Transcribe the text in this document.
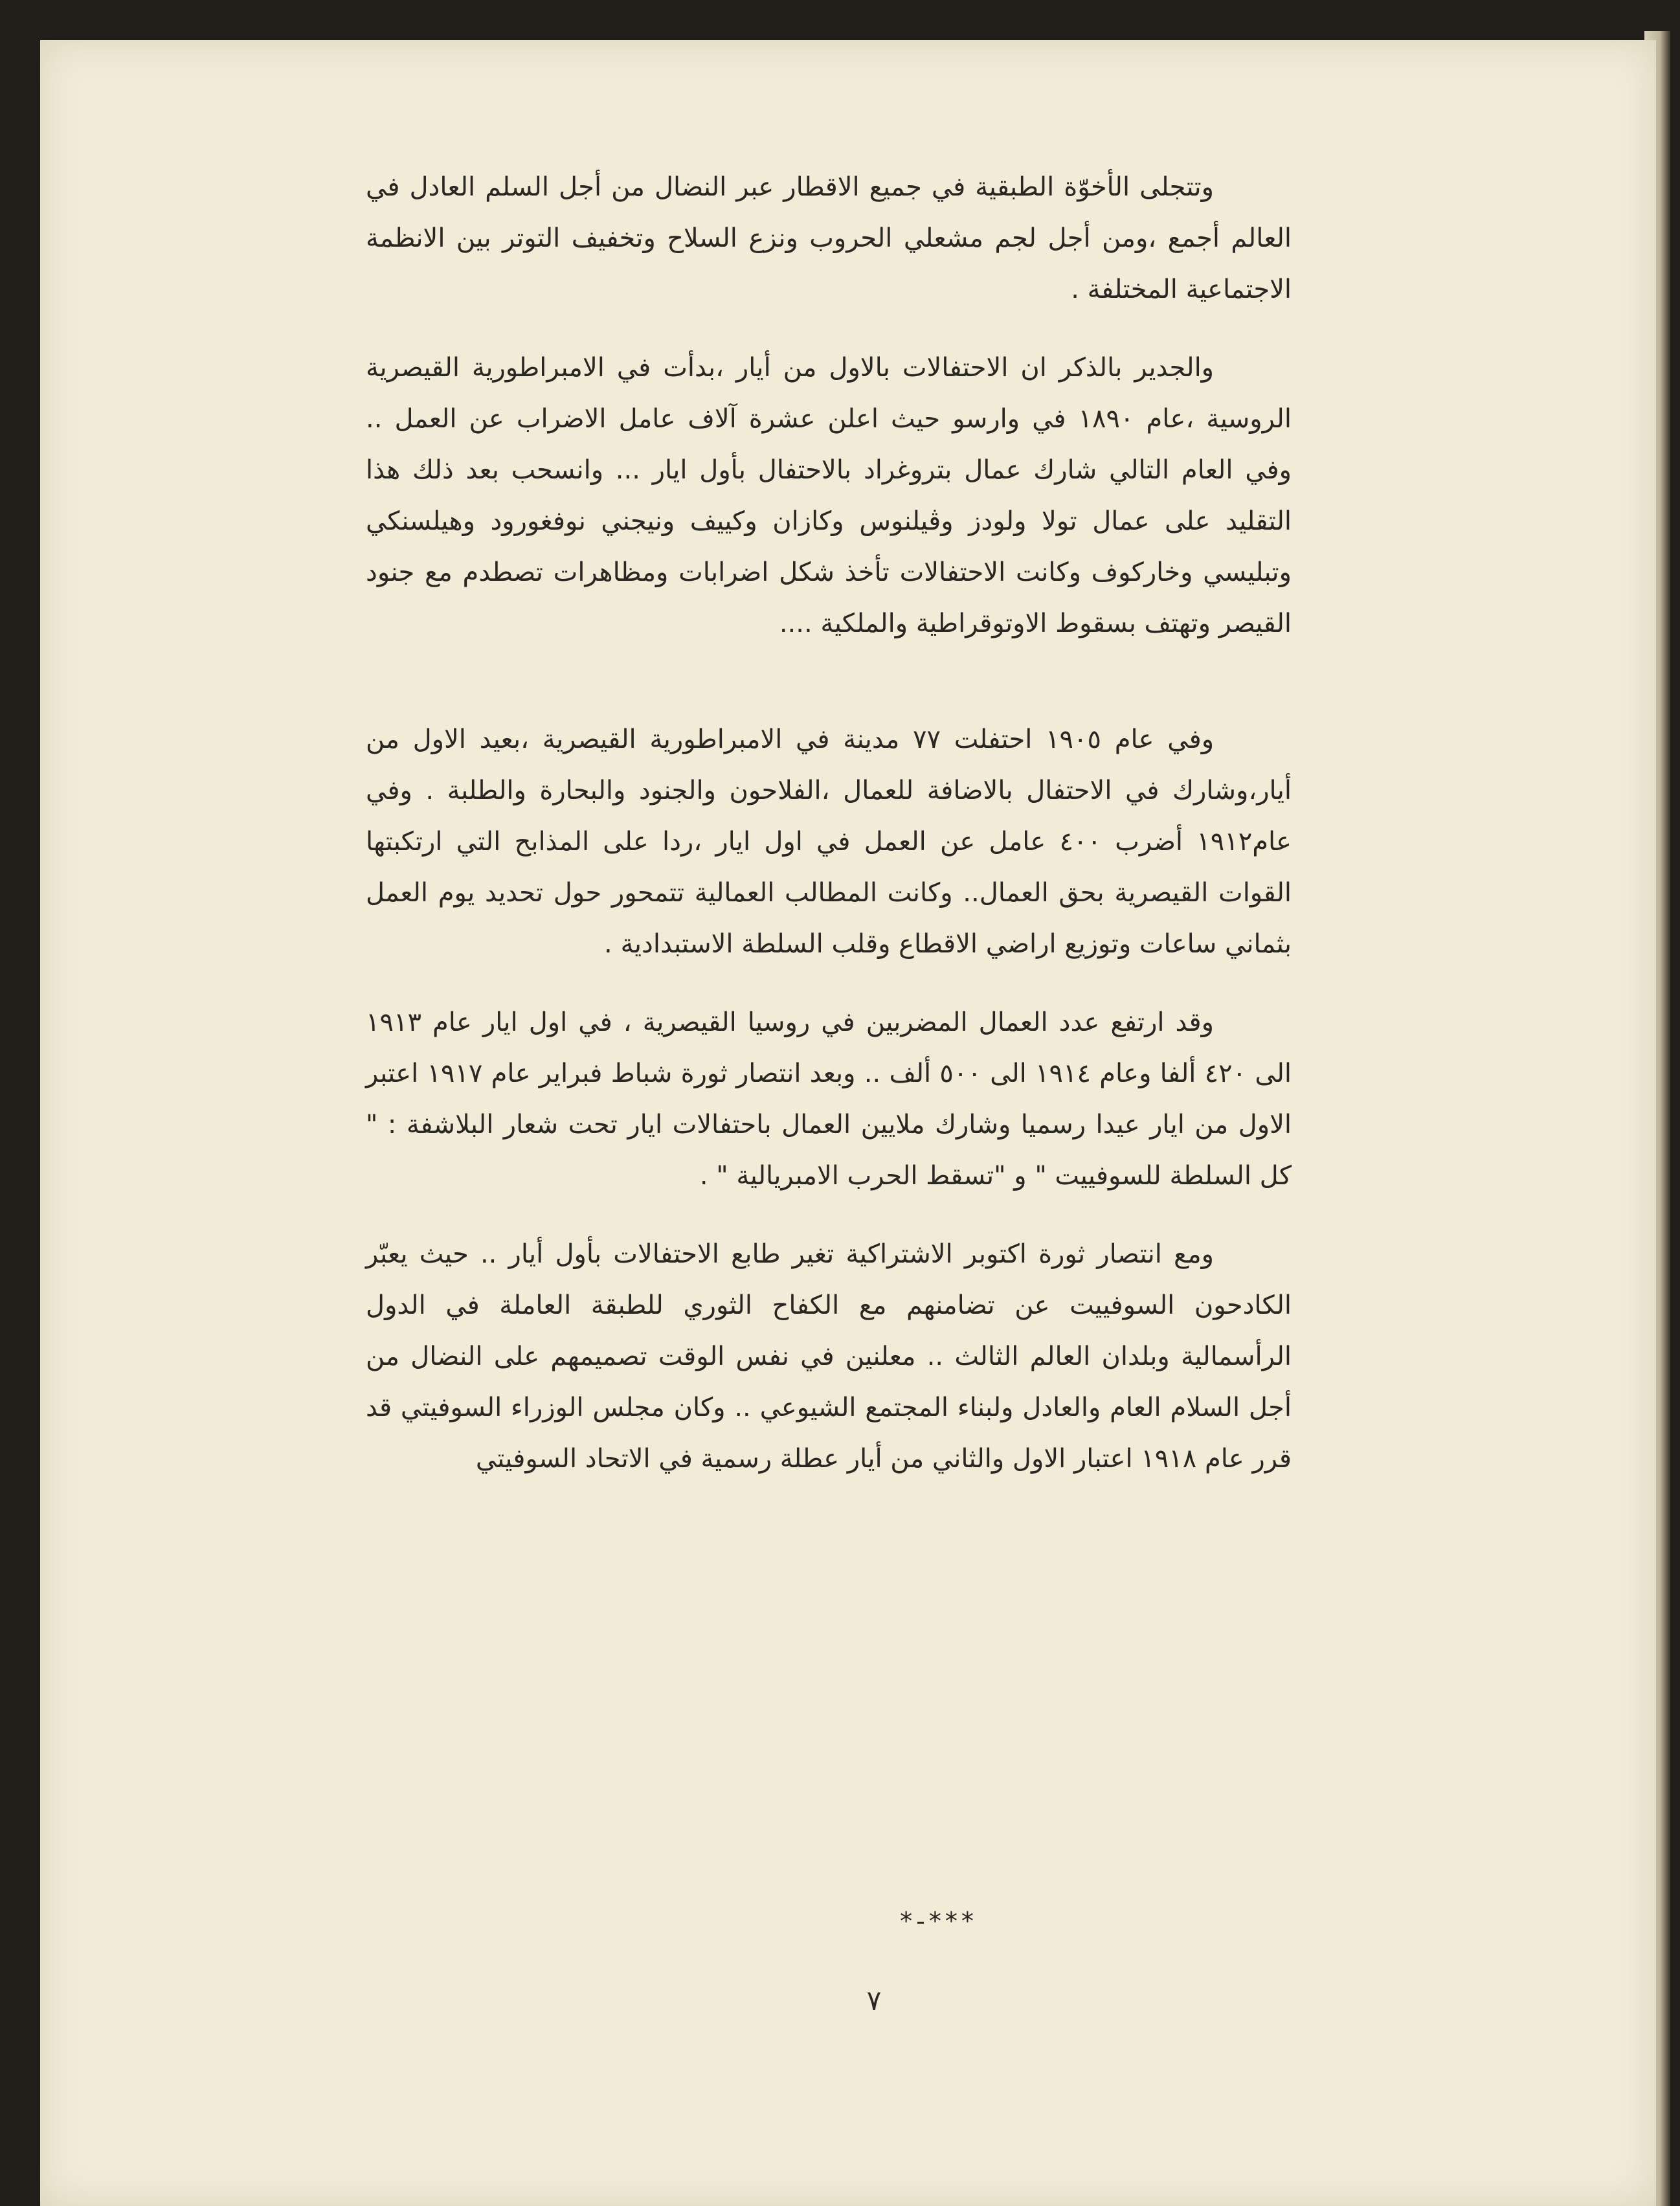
وتتجلى الأخوّة الطبقية في جميع الاقطار عبر النضال من أجل السلم العادل في العالم أجمع ،ومن أجل لجم مشعلي الحروب ونزع السلاح وتخفيف التوتر بين الانظمة الاجتماعية المختلفة .

والجدير بالذكر ان الاحتفالات بالاول من أيار ،بدأت في الامبراطورية القيصرية الروسية ،عام ١٨٩٠ في وارسو حيث اعلن عشرة آلاف عامل الاضراب عن العمل .. وفي العام التالي شارك عمال بتروغراد بالاحتفال بأول ايار ... وانسحب بعد ذلك هذا التقليد على عمال تولا ولودز وڤيلنوس وكازان وكييف ونيجني نوفغورود وهيلسنكي وتبليسي وخاركوف وكانت الاحتفالات تأخذ شكل اضرابات ومظاهرات تصطدم مع جنود القيصر وتهتف بسقوط الاوتوقراطية والملكية ....

وفي عام ١٩٠٥ احتفلت ٧٧ مدينة في الامبراطورية القيصرية ،بعيد الاول من أيار،وشارك في الاحتفال بالاضافة للعمال ،الفلاحون والجنود والبحارة والطلبة . وفي عام١٩١٢ أضرب ٤٠٠ عامل عن العمل في اول ايار ،ردا على المذابح التي ارتكبتها القوات القيصرية بحق العمال.. وكانت المطالب العمالية تتمحور حول تحديد يوم العمل بثماني ساعات وتوزيع اراضي الاقطاع وقلب السلطة الاستبدادية .

وقد ارتفع عدد العمال المضربين في روسيا القيصرية ، في اول ايار عام ١٩١٣ الى ٤٢٠ ألفا وعام ١٩١٤ الى ٥٠٠ ألف .. وبعد انتصار ثورة شباط فبراير عام ١٩١٧ اعتبر الاول من ايار عيدا رسميا وشارك ملايين العمال باحتفالات ايار تحت شعار البلاشفة : " كل السلطة للسوفييت " و "تسقط الحرب الامبريالية " .

ومع انتصار ثورة اكتوبر الاشتراكية تغير طابع الاحتفالات بأول أيار .. حيث يعبّر الكادحون السوفييت عن تضامنهم مع الكفاح الثوري للطبقة العاملة في الدول الرأسمالية وبلدان العالم الثالث .. معلنين في نفس الوقت تصميمهم على النضال من أجل السلام العام والعادل ولبناء المجتمع الشيوعي .. وكان مجلس الوزراء السوفيتي قد قرر عام ١٩١٨ اعتبار الاول والثاني من أيار عطلة رسمية في الاتحاد السوفيتي

*-***
٧
